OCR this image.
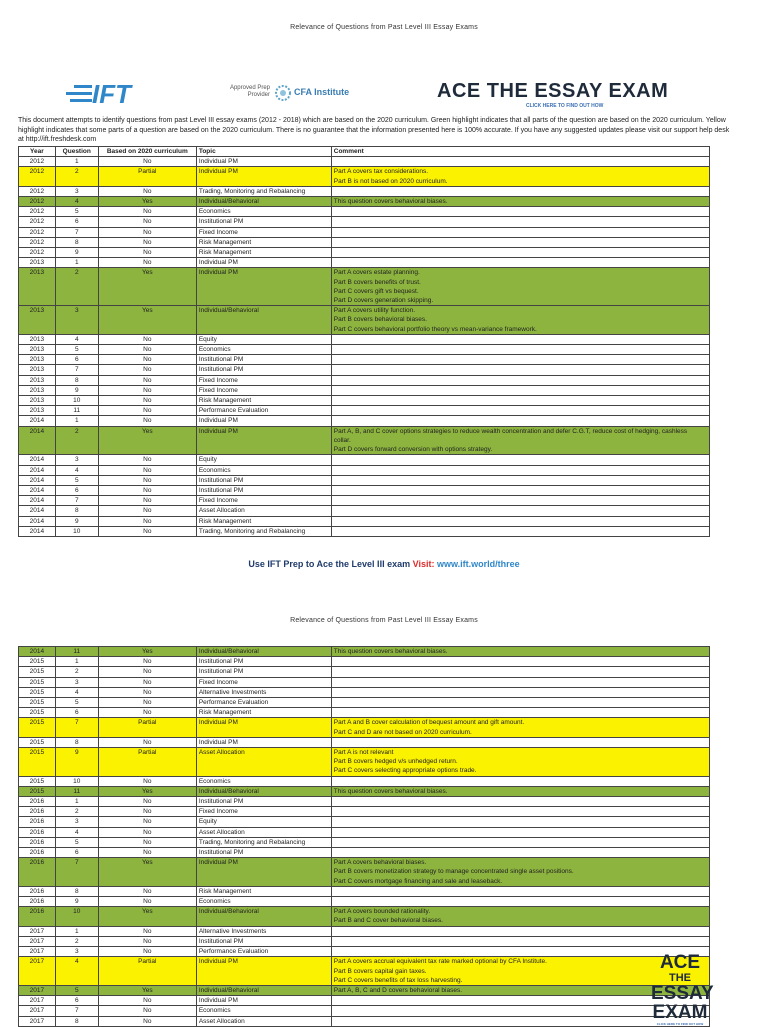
Relevance of Questions from Past Level III Essay Exams
IFT	Approved Prep
Provider	CFA Institute	ACE THE ESSAY EXAM
CLICK HERE TO FIND OUT HOW
This document attempts to identify questions from past Level III essay exams (2012 - 2018) which are based on the 2020 curriculum. Green highlight indicates that all parts of the question are based on the 2020 curriculum. Yellow highlight indicates that some parts of a question are based on the 2020 curriculum. There is no guarantee that the information presented here is 100% accurate. If you have any suggested updates please visit our support help desk at http://ift.freshdesk.com
Year	Question	Based on 2020 curriculum	Topic	Comment
2012	1	No	Individual PM	
2012	2	Partial	Individual PM	Part A covers tax considerations.
Part B is not based on 2020 curriculum.

2012	3	No	Trading, Monitoring and Rebalancing	
2012	4	Yes	Individual/Behavioral	This question covers behavioral biases.

2012	5	No	Economics	
2012	6	No	Institutional PM	
2012	7	No	Fixed Income	
2012	8	No	Risk Management	
2012	9	No	Risk Management	
2013	1	No	Individual PM	
2013	2	Yes	Individual PM	Part A covers estate planning.
Part B covers benefits of trust.
Part C covers gift vs bequest.
Part D covers generation skipping.

2013	3	Yes	Individual/Behavioral	Part A covers utility function.
Part B covers behavioral biases.
Part C covers behavioral portfolio theory vs mean-variance framework.

2013	4	No	Equity	
2013	5	No	Economics	
2013	6	No	Institutional PM	
2013	7	No	Institutional PM	
2013	8	No	Fixed Income	
2013	9	No	Fixed Income	
2013	10	No	Risk Management	
2013	11	No	Performance Evaluation	
2014	1	No	Individual PM	
2014	2	Yes	Individual PM	Part A, B, and C cover options strategies to reduce wealth concentration and defer C.G.T, reduce cost of hedging, cashless
collar.
Part D covers forward conversion with options strategy.

2014	3	No	Equity	
2014	4	No	Economics	
2014	5	No	Institutional PM	
2014	6	No	Institutional PM	
2014	7	No	Fixed Income	
2014	8	No	Asset Allocation	
2014	9	No	Risk Management	
2014	10	No	Trading, Monitoring and Rebalancing	
Use IFT Prep to Ace the Level III exam Visit: www.ift.world/three
Relevance of Questions from Past Level III Essay Exams
2014	11	Yes	Individual/Behavioral	This question covers behavioral biases.

2015	1	No	Institutional PM	
2015	2	No	Institutional PM	
2015	3	No	Fixed Income	
2015	4	No	Alternative Investments	
2015	5	No	Performance Evaluation	
2015	6	No	Risk Management	
2015	7	Partial	Individual PM	Part A and B cover calculation of bequest amount and gift amount.
Part C and D are not based on 2020 curriculum.

2015	8	No	Individual PM	
2015	9	Partial	Asset Allocation	Part A is not relevant
Part B covers hedged v/s unhedged return.
Part C covers selecting appropriate options trade.

2015	10	No	Economics	
2015	11	Yes	Individual/Behavioral	This question covers behavioral biases.

2016	1	No	Institutional PM	
2016	2	No	Fixed Income	
2016	3	No	Equity	
2016	4	No	Asset Allocation	
2016	5	No	Trading, Monitoring and Rebalancing	
2016	6	No	Institutional PM	
2016	7	Yes	Individual PM	Part A covers behavioral biases.
Part B covers monetization strategy to manage concentrated single asset positions.
Part C covers mortgage financing and sale and leaseback.

2016	8	No	Risk Management	
2016	9	No	Economics	
2016	10	Yes	Individual/Behavioral	Part A covers bounded rationality.
Part B and C cover behavioral biases.

2017	1	No	Alternative Investments	
2017	2	No	Institutional PM	
2017	3	No	Performance Evaluation	
2017	4	Partial	Individual PM	Part A covers accrual equivalent tax rate marked optional by CFA Institute.
Part B covers capital gain taxes.
Part C covers benefits of tax loss harvesting.

2017	5	Yes	Individual/Behavioral	Part A, B, C and D covers behavioral biases.

2017	6	No	Individual PM	
2017	7	No	Economics	
2017	8	No	Asset Allocation	
ACE
THE
ESSAY
EXAM
CLICK HERE TO FIND OUT HOW
